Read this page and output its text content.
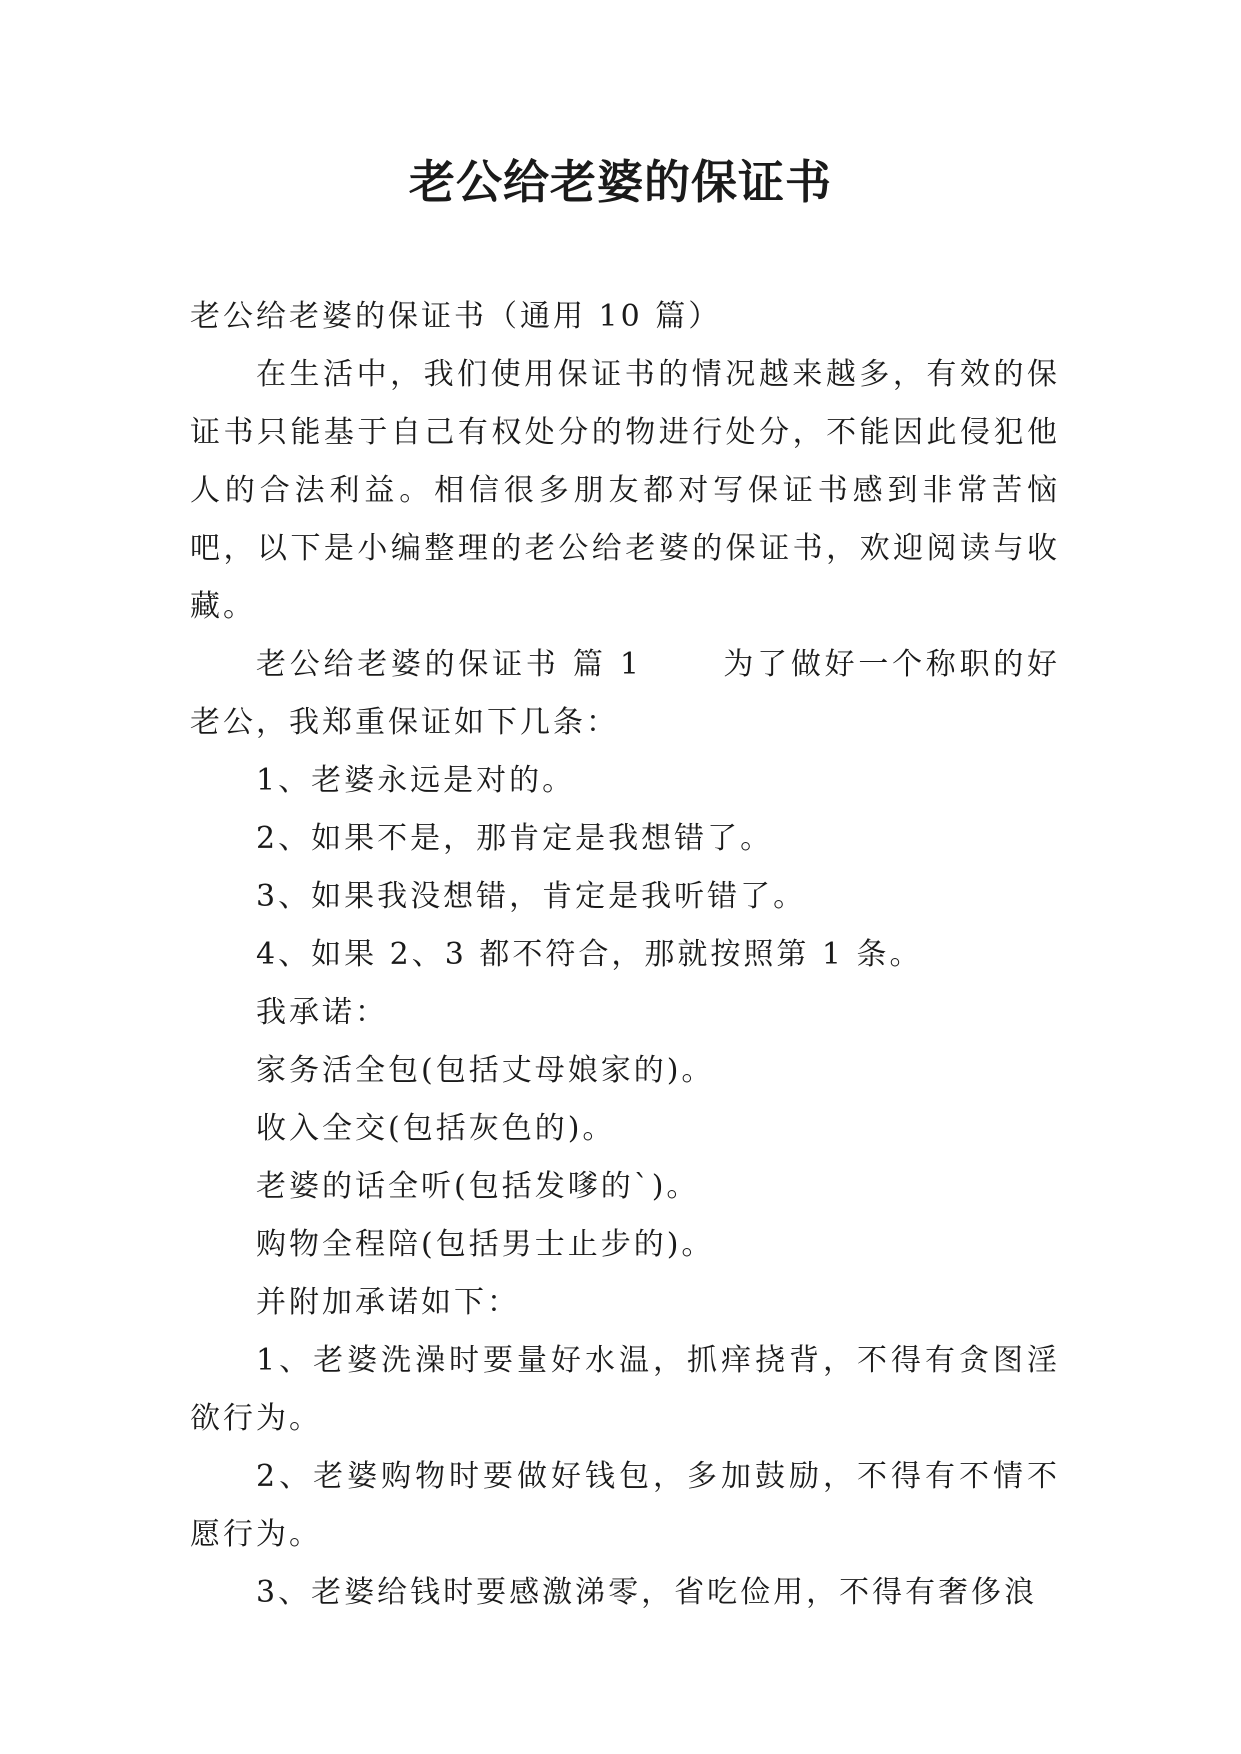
老公给老婆的保证书

老公给老婆的保证书（通用 10 篇）

在生活中，我们使用保证书的情况越来越多，有效的保证书只能基于自己有权处分的物进行处分，不能因此侵犯他人的合法利益。相信很多朋友都对写保证书感到非常苦恼吧，以下是小编整理的老公给老婆的保证书，欢迎阅读与收藏。

老公给老婆的保证书 篇 1　　 为了做好一个称职的好老公，我郑重保证如下几条：

1、老婆永远是对的。

2、如果不是，那肯定是我想错了。

3、如果我没想错，肯定是我听错了。

4、如果 2、3 都不符合，那就按照第 1 条。

我承诺：

家务活全包(包括丈母娘家的)。

收入全交(包括灰色的)。

老婆的话全听(包括发嗲的`)。

购物全程陪(包括男士止步的)。

并附加承诺如下：

1、老婆洗澡时要量好水温，抓痒挠背，不得有贪图淫欲行为。

2、老婆购物时要做好钱包，多加鼓励，不得有不情不愿行为。

3、老婆给钱时要感激涕零，省吃俭用，不得有奢侈浪
